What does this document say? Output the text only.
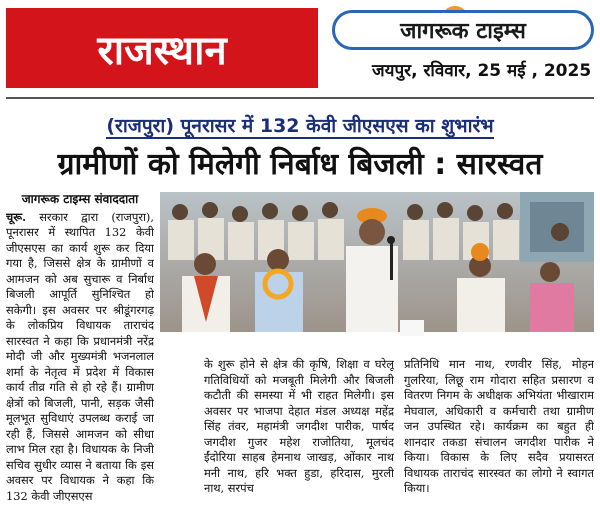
राजस्थान	जागरूक टाइम्स
जयपुर, रविवार, 25 मई , 2025
(राजपुरा) पूनरासर में 132 केवी जीएसएस का शुभारंभ
ग्रामीणों को मिलेगी निर्बाध बिजली : सारस्वत
जागरूक टाइम्स संवाददाता
चूरू. सरकार द्वारा (राजपुरा), पूनरासर में स्थापित 132 केवी जीएसएस का कार्य शुरू कर दिया गया है, जिससे क्षेत्र के ग्रामीणों व आमजन को अब सुचारू व निर्बाध बिजली आपूर्ति सुनिश्चित हो सकेगी। इस अवसर पर श्रीडूंगरगढ़ के लोकप्रिय विधायक ताराचंद सारस्वत ने कहा कि प्रधानमंत्री नरेंद्र मोदी जी और मुख्यमंत्री भजनलाल शर्मा के नेतृत्व में प्रदेश में विकास कार्य तीव्र गति से हो रहे हैं। ग्रामीण क्षेत्रों को बिजली, पानी, सड़क जैसी मूलभूत सुविधाएं उपलब्ध कराई जा रही हैं, जिससे आमजन को सीधा लाभ मिल रहा है। विधायक के निजी सचिव सुधीर व्यास ने बताया कि इस अवसर पर विधायक ने कहा कि 132 केवी जीएसएस
के शुरू होने से क्षेत्र की कृषि, शिक्षा व घरेलू गतिविधियों को मजबूती मिलेगी और बिजली कटौती की समस्या में भी राहत मिलेगी। इस अवसर पर भाजपा देहात मंडल अध्यक्ष महेंद्र सिंह तंवर, महामंत्री जगदीश पारीक, पार्षद जगदीश गुजर महेश राजोतिया, मूलचंद ईंदोरिया साहब हेमनाथ जाखड़, ओंकार नाथ मनी नाथ, हरि भक्त हुडा, हरिदास, मुरली नाथ, सरपंच
प्रतिनिधि मान नाथ, रणवीर सिंह, मोहन गुलरिया, लिछू राम गोदारा सहित प्रसारण व वितरण निगम के अधीक्षक अभियंता भीखाराम मेघवाल, अधिकारी व कर्मचारी तथा ग्रामीण जन उपस्थित रहे। कार्यक्रम का बहुत ही शानदार तकडा संचालन जगदीश पारीक ने किया। विकास के लिए सदैव प्रयासरत विधायक ताराचंद सारस्वत का लोगो ने स्वागत किया।
